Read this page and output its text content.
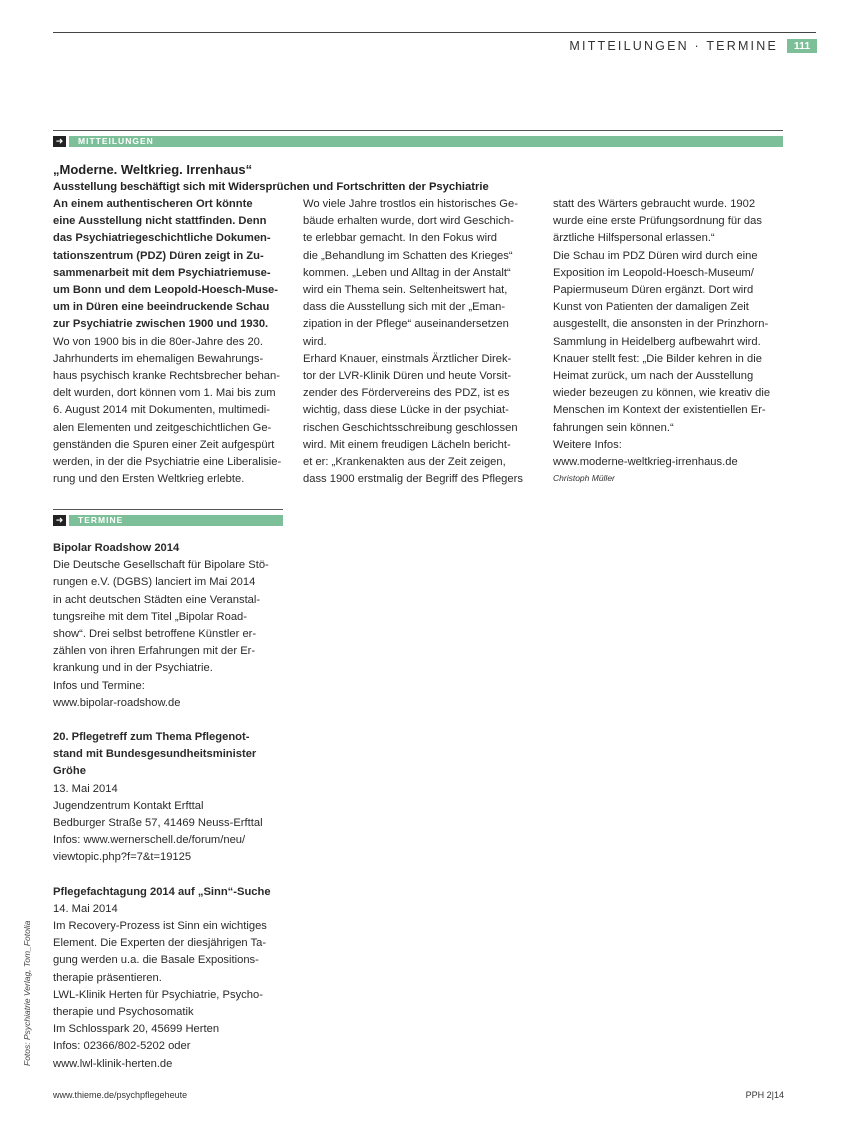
MITTEILUNGEN · TERMINE	111
➜	MITTEILUNGEN
„Moderne. Weltkrieg. Irrenhaus“
Ausstellung beschäftigt sich mit Widersprüchen und Fortschritten der Psychiatrie

An einem authentischeren Ort könnte
eine Ausstellung nicht stattfinden. Denn
das Psychiatriegeschichtliche Dokumen-
tationszentrum (PDZ) Düren zeigt in Zu-
sammenarbeit mit dem Psychiatriemuse-
um Bonn und dem Leopold-Hoesch-Muse-
um in Düren eine beeindruckende Schau
zur Psychiatrie zwischen 1900 und 1930.

Wo von 1900 bis in die 80er-Jahre des 20.
Jahrhunderts im ehemaligen Bewahrungs-
haus psychisch kranke Rechtsbrecher behan-
delt wurden, dort können vom 1. Mai bis zum
6. August 2014 mit Dokumenten, multimedi-
alen Elementen und zeitgeschichtlichen Ge-
genständen die Spuren einer Zeit aufgespürt
werden, in der die Psychiatrie eine Liberalisie-
rung und den Ersten Weltkrieg erlebte.

Wo viele Jahre trostlos ein historisches Ge-
bäude erhalten wurde, dort wird Geschich-
te erlebbar gemacht. In den Fokus wird
die „Behandlung im Schatten des Krieges“
kommen. „Leben und Alltag in der Anstalt“
wird ein Thema sein. Seltenheitswert hat,
dass die Ausstellung sich mit der „Eman-
zipation in der Pflege“ auseinandersetzen
wird.

Erhard Knauer, einstmals Ärztlicher Direk-
tor der LVR-Klinik Düren und heute Vorsit-
zender des Fördervereins des PDZ, ist es
wichtig, dass diese Lücke in der psychiat-
rischen Geschichtsschreibung geschlossen
wird. Mit einem freudigen Lächeln bericht-
et er: „Krankenakten aus der Zeit zeigen,
dass 1900 erstmalig der Begriff des Pflegers

statt des Wärters gebraucht wurde. 1902
wurde eine erste Prüfungsordnung für das
ärztliche Hilfspersonal erlassen.“

Die Schau im PDZ Düren wird durch eine
Exposition im Leopold-Hoesch-Museum/
Papiermuseum Düren ergänzt. Dort wird
Kunst von Patienten der damaligen Zeit
ausgestellt, die ansonsten in der Prinzhorn-
Sammlung in Heidelberg aufbewahrt wird.
Knauer stellt fest: „Die Bilder kehren in die
Heimat zurück, um nach der Ausstellung
wieder bezeugen zu können, wie kreativ die
Menschen im Kontext der existentiellen Er-
fahrungen sein können.“

Weitere Infos:
www.moderne-weltkrieg-irrenhaus.de

Christoph Müller
➜	TERMINE
Bipolar Roadshow 2014

Die Deutsche Gesellschaft für Bipolare Stö-
rungen e.V. (DGBS) lanciert im Mai 2014
in acht deutschen Städten eine Veranstal-
tungsreihe mit dem Titel „Bipolar Road-
show“. Drei selbst betroffene Künstler er-
zählen von ihren Erfahrungen mit der Er-
krankung und in der Psychiatrie.
Infos und Termine:
www.bipolar-roadshow.de

20. Pflegetreff zum Thema Pflegenot-
stand mit Bundesgesundheitsminister
Gröhe

13. Mai 2014
Jugendzentrum Kontakt Erfttal
Bedburger Straße 57, 41469 Neuss-Erfttal
Infos: www.wernerschell.de/forum/neu/
viewtopic.php?f=7&t=19125

Pflegefachtagung 2014 auf „Sinn“-Suche

14. Mai 2014
Im Recovery-Prozess ist Sinn ein wichtiges
Element. Die Experten der diesjährigen Ta-
gung werden u.a. die Basale Expositions-
therapie präsentieren.
LWL-Klinik Herten für Psychiatrie, Psycho-
therapie und Psychosomatik
Im Schlosspark 20, 45699 Herten
Infos: 02366/802-5202 oder
www.lwl-klinik-herten.de

Fotos: Psychiatrie Verlag, Tom_Fotolia
www.thieme.de/psychpflegeheute	PPH 2|14
